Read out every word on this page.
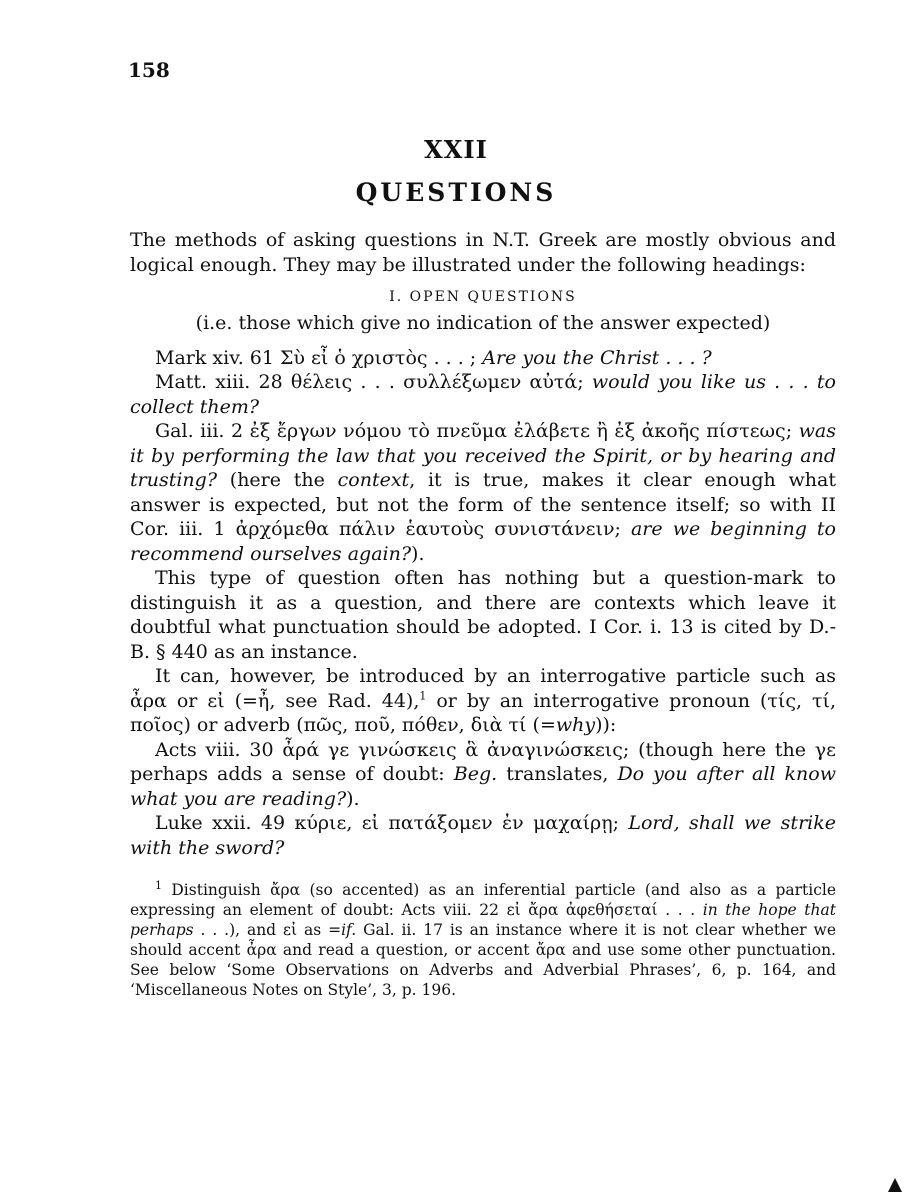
158
XXII
QUESTIONS

The methods of asking questions in N.T. Greek are mostly obvious and logical enough. They may be illustrated under the following headings:

I. OPEN QUESTIONS

(i.e. those which give no indication of the answer expected)

Mark xiv. 61 Σὺ εἶ ὁ χριστὸς . . . ; Are you the Christ . . . ?

Matt. xiii. 28 θέλεις . . . συλλέξωμεν αὐτά; would you like us . . . to collect them?

Gal. iii. 2 ἐξ ἔργων νόμου τὸ πνεῦμα ἐλάβετε ἢ ἐξ ἀκοῆς πίστεως; was it by performing the law that you received the Spirit, or by hearing and trusting? (here the context, it is true, makes it clear enough what answer is expected, but not the form of the sentence itself; so with II Cor. iii. 1 ἀρχόμεθα πάλιν ἑαυτοὺς συνιστάνειν; are we beginning to recommend ourselves again?).

This type of question often has nothing but a question-mark to distinguish it as a question, and there are contexts which leave it doubtful what punctuation should be adopted. I Cor. i. 13 is cited by D.-B. § 440 as an instance.

It can, however, be introduced by an interrogative particle such as ἆρα or εἰ (=ἦ, see Rad. 44),$^1$ or by an interrogative pronoun (τίς, τί, ποῖος) or adverb (πῶς, ποῦ, πόθεν, διὰ τί (=why)):

Acts viii. 30 ἆρά γε γινώσκεις ἃ ἀναγινώσκεις; (though here the γε perhaps adds a sense of doubt: Beg. translates, Do you after all know what you are reading?).

Luke xxii. 49 κύριε, εἰ πατάξομεν ἐν μαχαίρῃ; Lord, shall we strike with the sword?

$^1$ Distinguish ἄρα (so accented) as an inferential particle (and also as a particle expressing an element of doubt: Acts viii. 22 εἰ ἄρα ἀφεθήσεταί . . . in the hope that perhaps . . .), and εἰ as =if. Gal. ii. 17 is an instance where it is not clear whether we should accent ἆρα and read a question, or accent ἄρα and use some other punctuation. See below ‘Some Observations on Adverbs and Adverbial Phrases’, 6, p. 164, and ‘Miscellaneous Notes on Style’, 3, p. 196.
